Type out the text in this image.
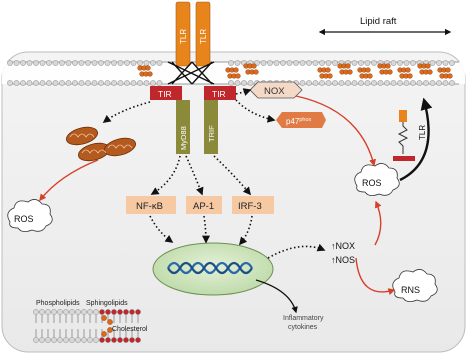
Lipid raft
TLR TLR
TIR	TIR
MyD88	TRIF
NOX
$p47^{phox}$
ROS
ROS
RNS
TLR
NF-κB	AP-1	IRF-3
↑NOX
↑NOS
Inflammatory
cytokines
Phospholipids Sphingolipids
Cholesterol
